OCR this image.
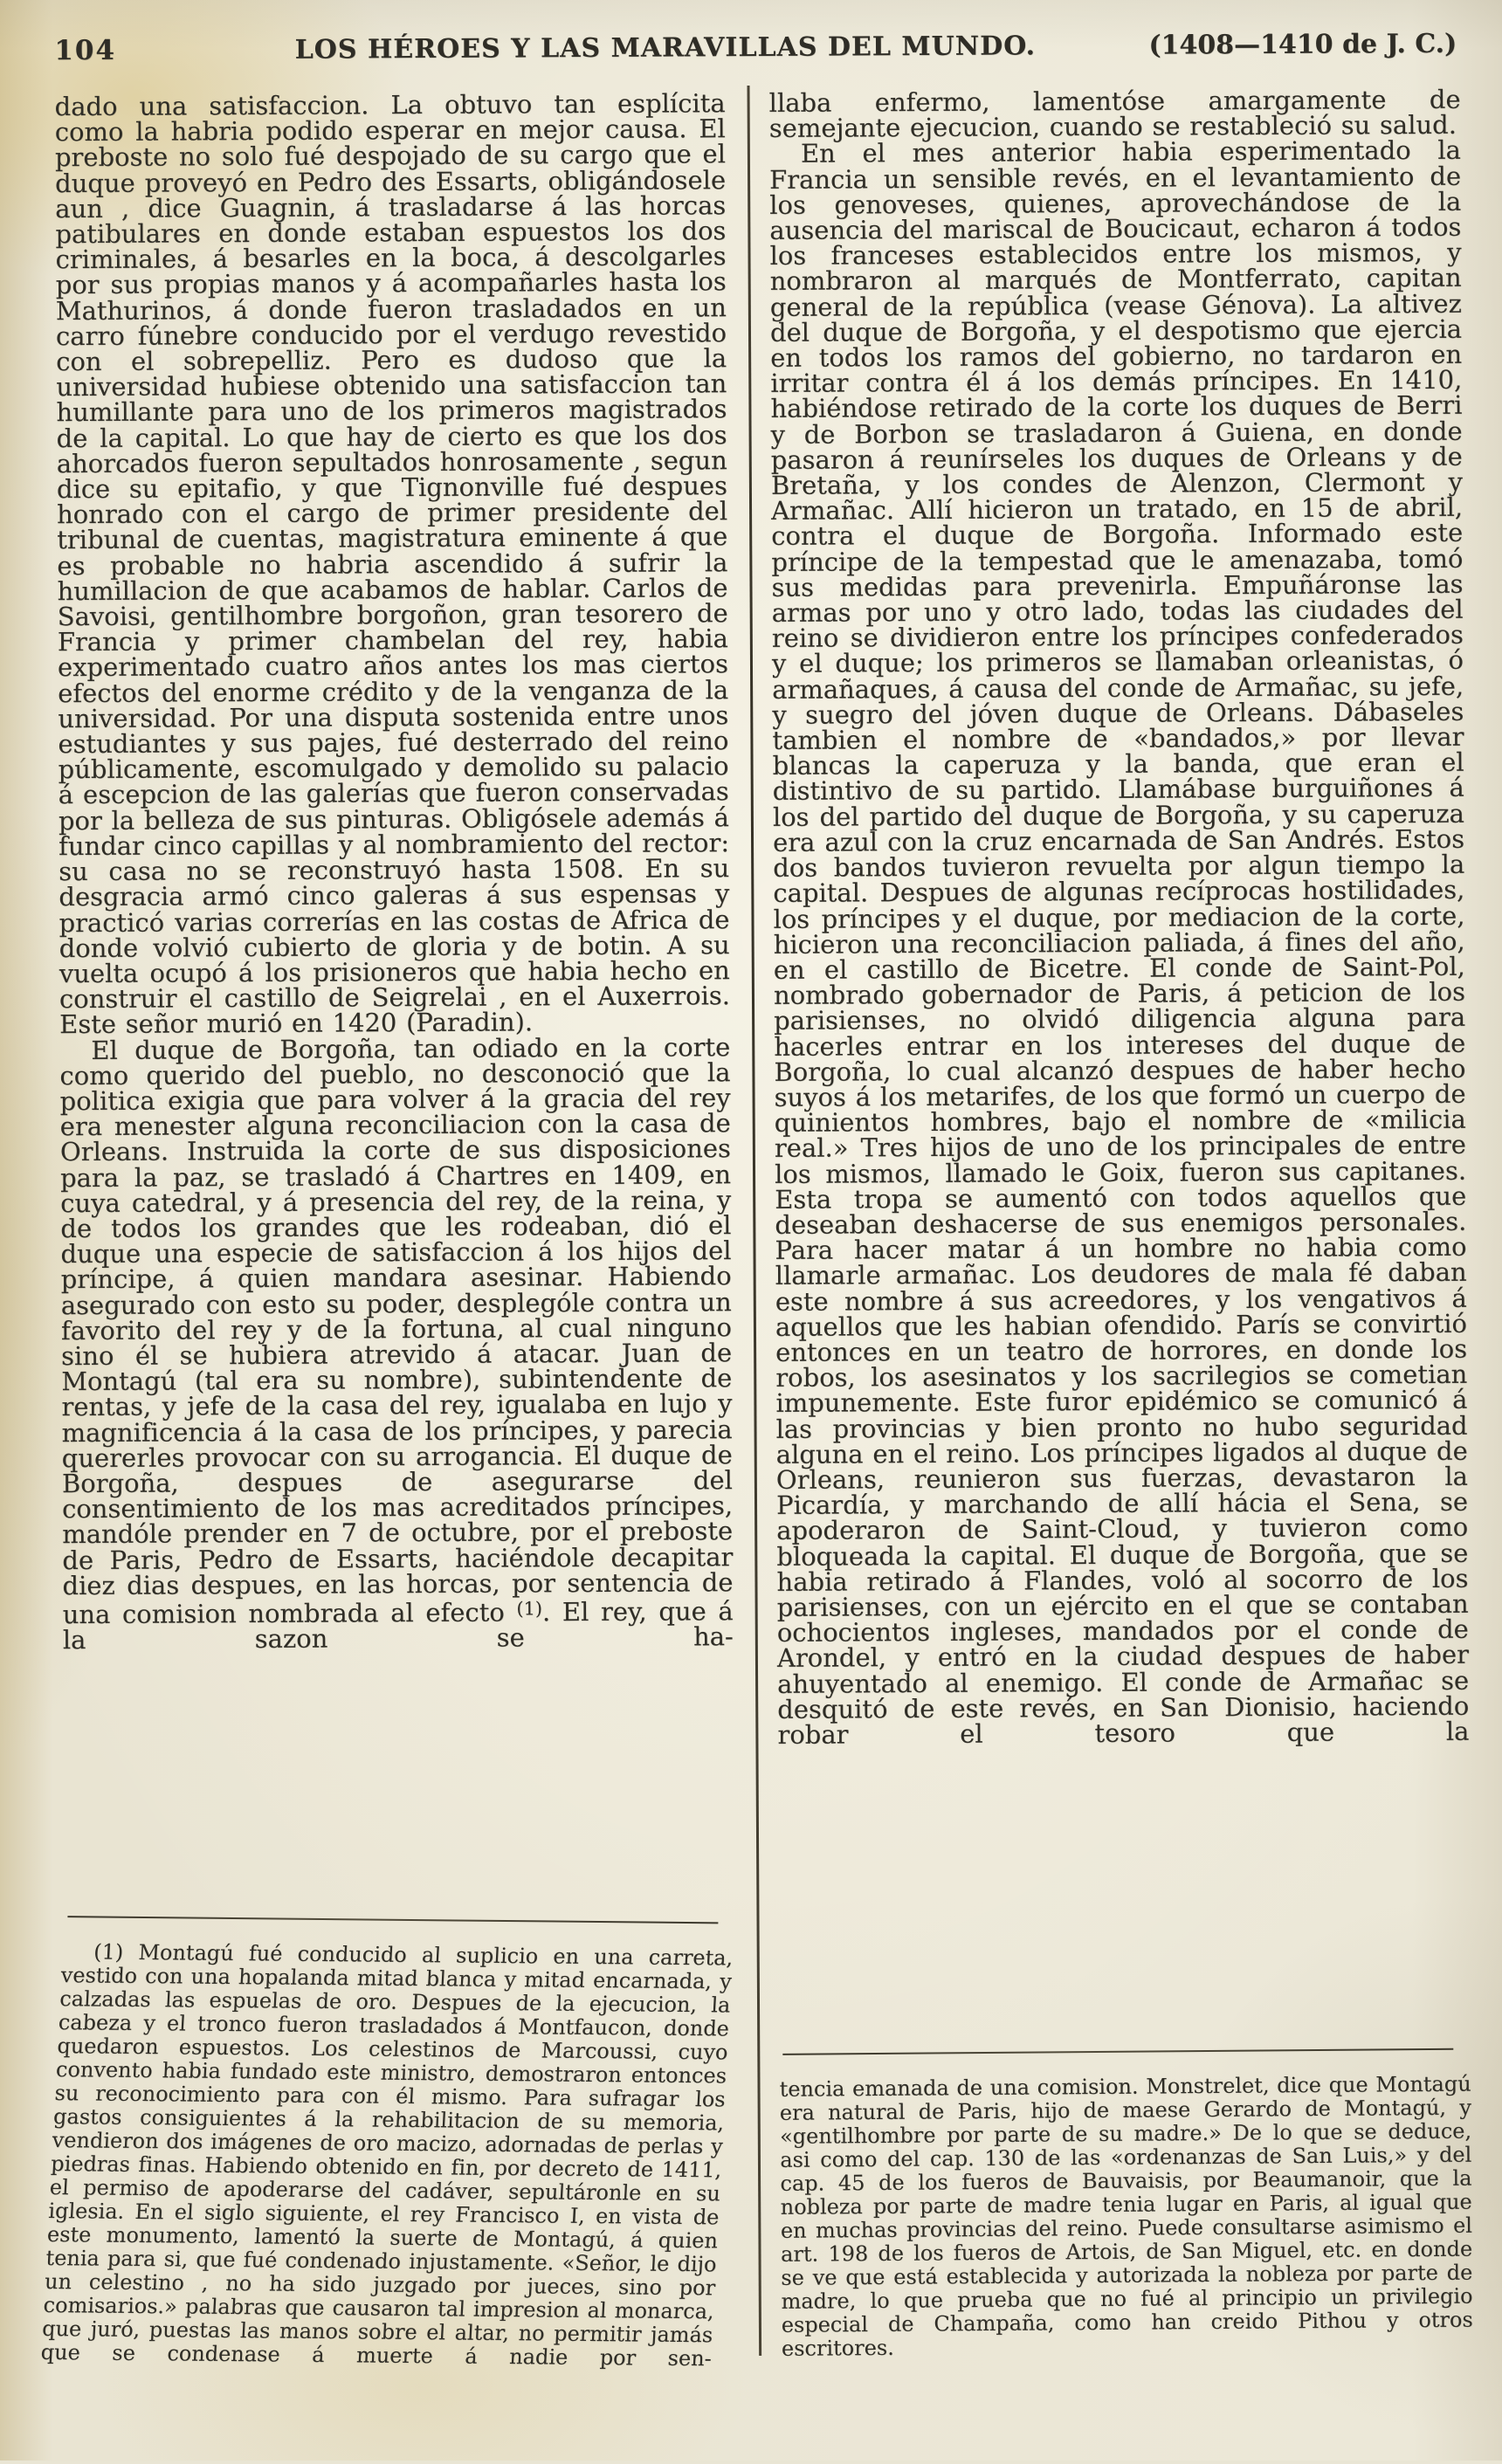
104	LOS HÉROES Y LAS MARAVILLAS DEL MUNDO.	(1408—1410 de J. C.)

dado una satisfaccion. La obtuvo tan esplícita como la habria podido esperar en mejor causa. El preboste no solo fué despojado de su cargo que el duque proveyó en Pedro des Essarts, obligándosele aun , dice Guagnin, á trasladarse á las horcas patibulares en donde estaban espuestos los dos criminales, á besarles en la boca, á descolgarles por sus propias manos y á acompañarles hasta los Mathurinos, á donde fueron trasladados en un carro fúnebre conducido por el verdugo revestido con el sobrepelliz. Pero es dudoso que la universidad hubiese obtenido una satisfaccion tan humillante para uno de los primeros magistrados de la capital. Lo que hay de cierto es que los dos ahorcados fueron sepultados honrosamente , segun dice su epitafio, y que Tignonville fué despues honrado con el cargo de primer presidente del tribunal de cuentas, magistratura eminente á que es probable no habria ascendido á sufrir la humillacion de que acabamos de hablar. Carlos de Savoisi, gentilhombre borgoñon, gran tesorero de Francia y primer chambelan del rey, habia experimentado cuatro años antes los mas ciertos efectos del enorme crédito y de la venganza de la universidad. Por una disputa sostenida entre unos estudiantes y sus pajes, fué desterrado del reino públicamente, escomulgado y demolido su palacio á escepcion de las galerías que fueron conservadas por la belleza de sus pinturas. Obligósele además á fundar cinco capillas y al nombramiento del rector: su casa no se reconstruyó hasta 1508. En su desgracia armó cinco galeras á sus espensas y practicó varias correrías en las costas de Africa de donde volvió cubierto de gloria y de botin. A su vuelta ocupó á los prisioneros que habia hecho en construir el castillo de Seigrelai , en el Auxerrois. Este señor murió en 1420 (Paradin).

El duque de Borgoña, tan odiado en la corte como querido del pueblo, no desconoció que la politica exigia que para volver á la gracia del rey era menester alguna reconciliacion con la casa de Orleans. Instruida la corte de sus disposiciones para la paz, se trasladó á Chartres en 1409, en cuya catedral, y á presencia del rey, de la reina, y de todos los grandes que les rodeaban, dió el duque una especie de satisfaccion á los hijos del príncipe, á quien mandara asesinar. Habiendo asegurado con esto su poder, desplególe contra un favorito del rey y de la fortuna, al cual ninguno sino él se hubiera atrevido á atacar. Juan de Montagú (tal era su nombre), subintendente de rentas, y jefe de la casa del rey, igualaba en lujo y magnificencia á la casa de los príncipes, y parecia quererles provocar con su arrogancia. El duque de Borgoña, despues de asegurarse del consentimiento de los mas acreditados príncipes, mandóle prender en 7 de octubre, por el preboste de Paris, Pedro de Essarts, haciéndole decapitar diez dias despues, en las horcas, por sentencia de una comision nombrada al efecto $^{(1)}$. El rey, que á la sazon se ha-

(1) Montagú fué conducido al suplicio en una carreta, vestido con una hopalanda mitad blanca y mitad encarnada, y calzadas las espuelas de oro. Despues de la ejecucion, la cabeza y el tronco fueron trasladados á Montfaucon, donde quedaron espuestos. Los celestinos de Marcoussi, cuyo convento habia fundado este ministro, demostraron entonces su reconocimiento para con él mismo. Para sufragar los gastos consiguientes á la rehabilitacion de su memoria, vendieron dos imágenes de oro macizo, adornadas de perlas y piedras finas. Habiendo obtenido en fin, por decreto de 1411, el permiso de apoderarse del cadáver, sepultáronle en su iglesia. En el siglo siguiente, el rey Francisco I, en vista de este monumento, lamentó la suerte de Montagú, á quien tenia para si, que fué condenado injustamente. «Señor, le dijo un celestino , no ha sido juzgado por jueces, sino por comisarios.» palabras que causaron tal impresion al monarca, que juró, puestas las manos sobre el altar, no permitir jamás que se condenase á muerte á nadie por sen-

llaba enfermo, lamentóse amargamente de semejante ejecucion, cuando se restableció su salud.

En el mes anterior habia esperimentado la Francia un sensible revés, en el levantamiento de los genoveses, quienes, aprovechándose de la ausencia del mariscal de Boucicaut, echaron á todos los franceses establecidos entre los mismos, y nombraron al marqués de Montferrato, capitan general de la república (vease Génova). La altivez del duque de Borgoña, y el despotismo que ejercia en todos los ramos del gobierno, no tardaron en irritar contra él á los demás príncipes. En 1410, habiéndose retirado de la corte los duques de Berri y de Borbon se trasladaron á Guiena, en donde pasaron á reunírseles los duques de Orleans y de Bretaña, y los condes de Alenzon, Clermont y Armañac. Allí hicieron un tratado, en 15 de abril, contra el duque de Borgoña. Informado este príncipe de la tempestad que le amenazaba, tomó sus medidas para prevenirla. Empuñáronse las armas por uno y otro lado, todas las ciudades del reino se dividieron entre los príncipes confederados y el duque; los primeros se llamaban orleanistas, ó armañaques, á causa del conde de Armañac, su jefe, y suegro del jóven duque de Orleans. Dábaseles tambien el nombre de «bandados,» por llevar blancas la caperuza y la banda, que eran el distintivo de su partido. Llamábase burguiñones á los del partido del duque de Borgoña, y su caperuza era azul con la cruz encarnada de San Andrés. Estos dos bandos tuvieron revuelta por algun tiempo la capital. Despues de algunas recíprocas hostilidades, los príncipes y el duque, por mediacion de la corte, hicieron una reconciliacion paliada, á fines del año, en el castillo de Bicetre. El conde de Saint-Pol, nombrado gobernador de Paris, á peticion de los parisienses, no olvidó diligencia alguna para hacerles entrar en los intereses del duque de Borgoña, lo cual alcanzó despues de haber hecho suyos á los metarifes, de los que formó un cuerpo de quinientos hombres, bajo el nombre de «milicia real.» Tres hijos de uno de los principales de entre los mismos, llamado le Goix, fueron sus capitanes. Esta tropa se aumentó con todos aquellos que deseaban deshacerse de sus enemigos personales. Para hacer matar á un hombre no habia como llamarle armañac. Los deudores de mala fé daban este nombre á sus acreedores, y los vengativos á aquellos que les habian ofendido. París se convirtió entonces en un teatro de horrores, en donde los robos, los asesinatos y los sacrilegios se cometian impunemente. Este furor epidémico se comunicó á las provincias y bien pronto no hubo seguridad alguna en el reino. Los príncipes ligados al duque de Orleans, reunieron sus fuerzas, devastaron la Picardía, y marchando de allí hácia el Sena, se apoderaron de Saint-Cloud, y tuvieron como bloqueada la capital. El duque de Borgoña, que se habia retirado á Flandes, voló al socorro de los parisienses, con un ejército en el que se contaban ochocientos ingleses, mandados por el conde de Arondel, y entró en la ciudad despues de haber ahuyentado al enemigo. El conde de Armañac se desquitó de este revés, en San Dionisio, haciendo robar el tesoro que la

tencia emanada de una comision. Monstrelet, dice que Montagú era natural de Paris, hijo de maese Gerardo de Montagú, y «gentilhombre por parte de su madre.» De lo que se deduce, asi como del cap. 130 de las «ordenanzas de San Luis,» y del cap. 45 de los fueros de Bauvaisis, por Beaumanoir, que la nobleza por parte de madre tenia lugar en Paris, al igual que en muchas provincias del reino. Puede consultarse asimismo el art. 198 de los fueros de Artois, de San Miguel, etc. en donde se ve que está establecida y autorizada la nobleza por parte de madre, lo que prueba que no fué al principio un privilegio especial de Champaña, como han creido Pithou y otros escritores.
